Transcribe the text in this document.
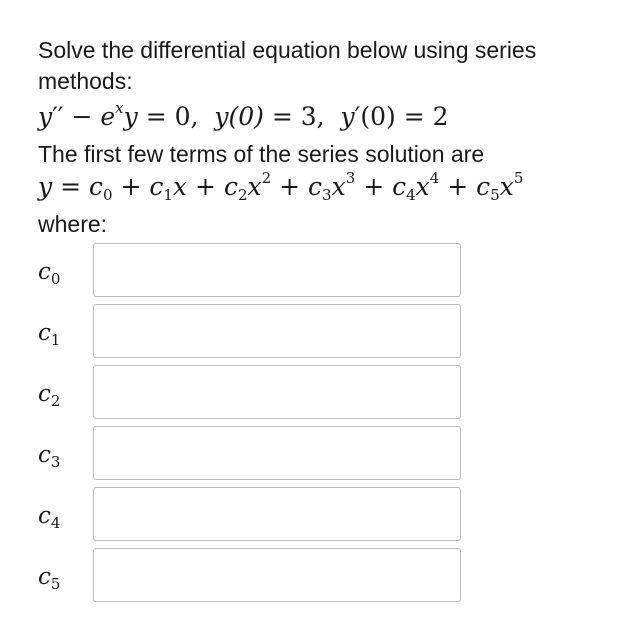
Solve the differential equation below using series
methods:
$y'' - e^xy = 0$, y(0) = 3, y′(0) = 2
The first few terms of the series solution are
$y = c_0 + c_1x + c_2x^2 + c_3x^3 + c_4x^4 + c_5x^5$
where:
$c_0$
$c_1$
$c_2$
$c_3$
$c_4$
$c_5$
